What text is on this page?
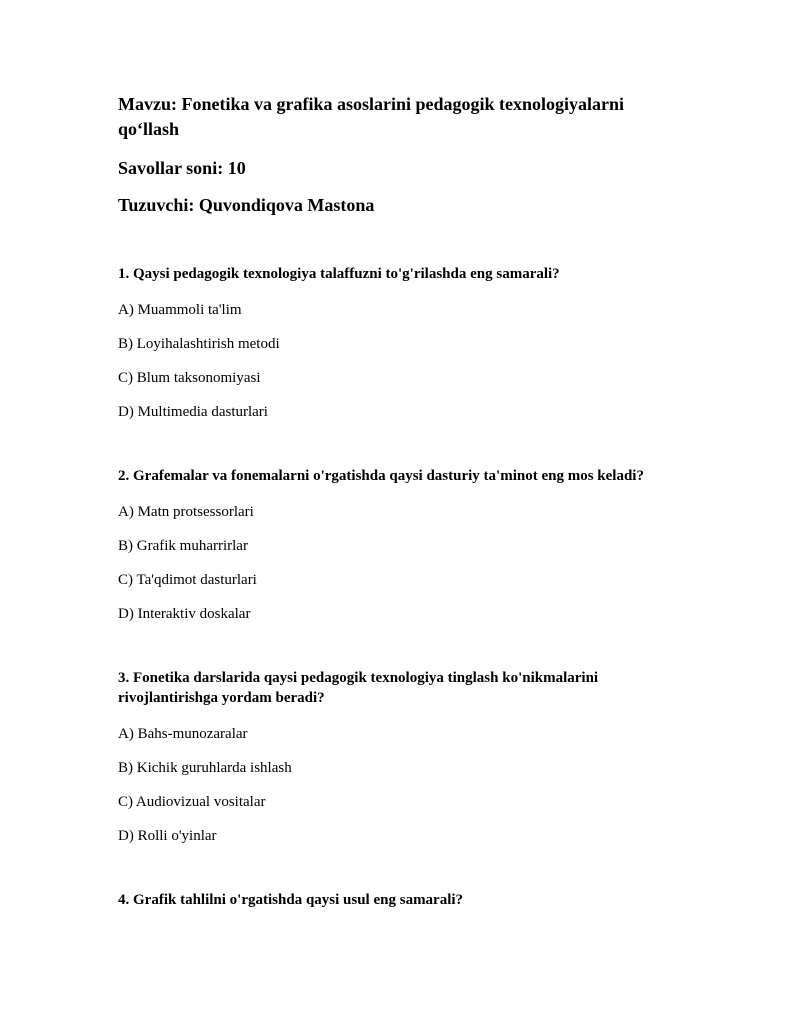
Mavzu: Fonetika va grafika asoslarini pedagogik texnologiyalarni qo‘llash
Savollar soni: 10
Tuzuvchi: Quvondiqova Mastona
1. Qaysi pedagogik texnologiya talaffuzni to'g'rilashda eng samarali?
A) Muammoli ta'lim
B) Loyihalashtirish metodi
C) Blum taksonomiyasi
D) Multimedia dasturlari
2. Grafemalar va fonemalarni o'rgatishda qaysi dasturiy ta'minot eng mos keladi?
A) Matn protsessorlari
B) Grafik muharrirlar
C) Ta'qdimot dasturlari
D) Interaktiv doskalar
3. Fonetika darslarida qaysi pedagogik texnologiya tinglash ko'nikmalarini rivojlantirishga yordam beradi?
A) Bahs-munozaralar
B) Kichik guruhlarda ishlash
C) Audiovizual vositalar
D) Rolli o'yinlar
4. Grafik tahlilni o'rgatishda qaysi usul eng samarali?
